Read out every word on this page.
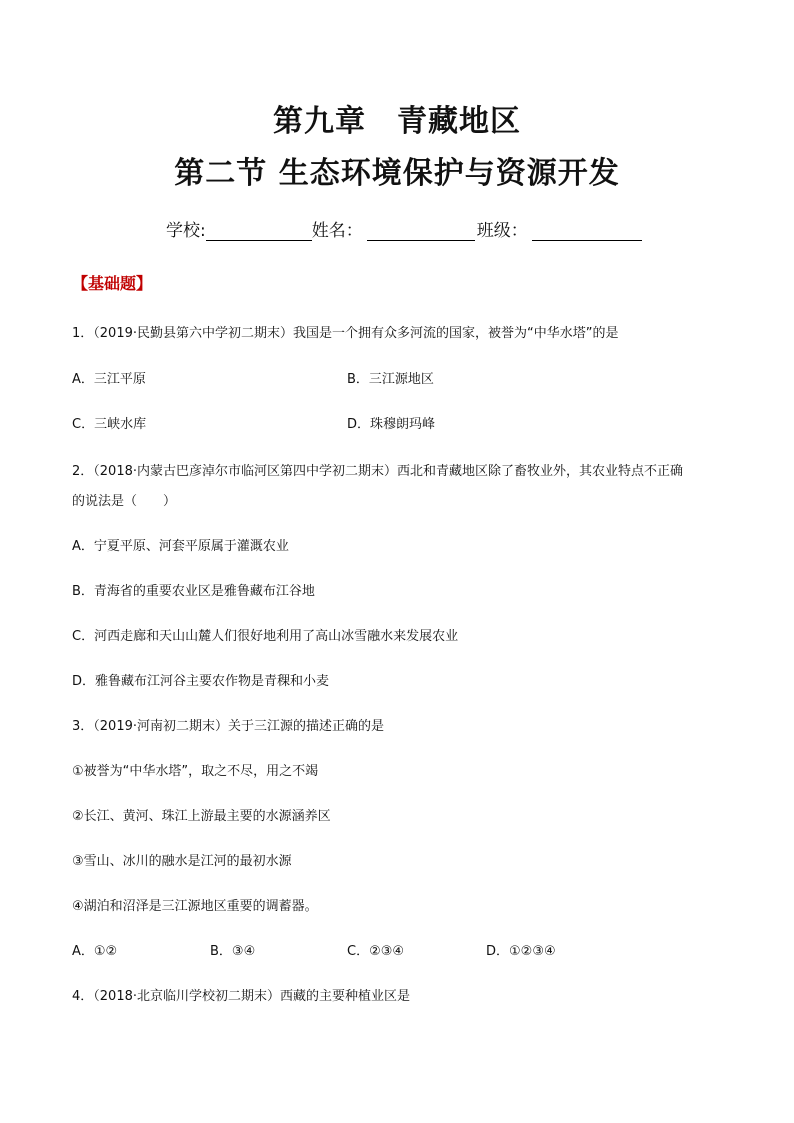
第九章　青藏地区
第二节 生态环境保护与资源开发
学校:	姓名：	班级：
【基础题】
1．（2019·民勤县第六中学初二期末）我国是一个拥有众多河流的国家，被誉为“中华水塔”的是
A．三江平原	B．三江源地区
C．三峡水库	D．珠穆朗玛峰
2．（2018·内蒙古巴彦淖尔市临河区第四中学初二期末）西北和青藏地区除了畜牧业外，其农业特点不正确
的说法是（　　）
A．宁夏平原、河套平原属于灌溉农业
B．青海省的重要农业区是雅鲁藏布江谷地
C．河西走廊和天山山麓人们很好地利用了高山冰雪融水来发展农业
D．雅鲁藏布江河谷主要农作物是青稞和小麦
3．（2019·河南初二期末）关于三江源的描述正确的是
①被誉为“中华水塔”，取之不尽，用之不竭
②长江、黄河、珠江上游最主要的水源涵养区
③雪山、冰川的融水是江河的最初水源
④湖泊和沼泽是三江源地区重要的调蓄器。
A．①②	B．③④	C．②③④	D．①②③④
4．（2018·北京临川学校初二期末）西藏的主要种植业区是
